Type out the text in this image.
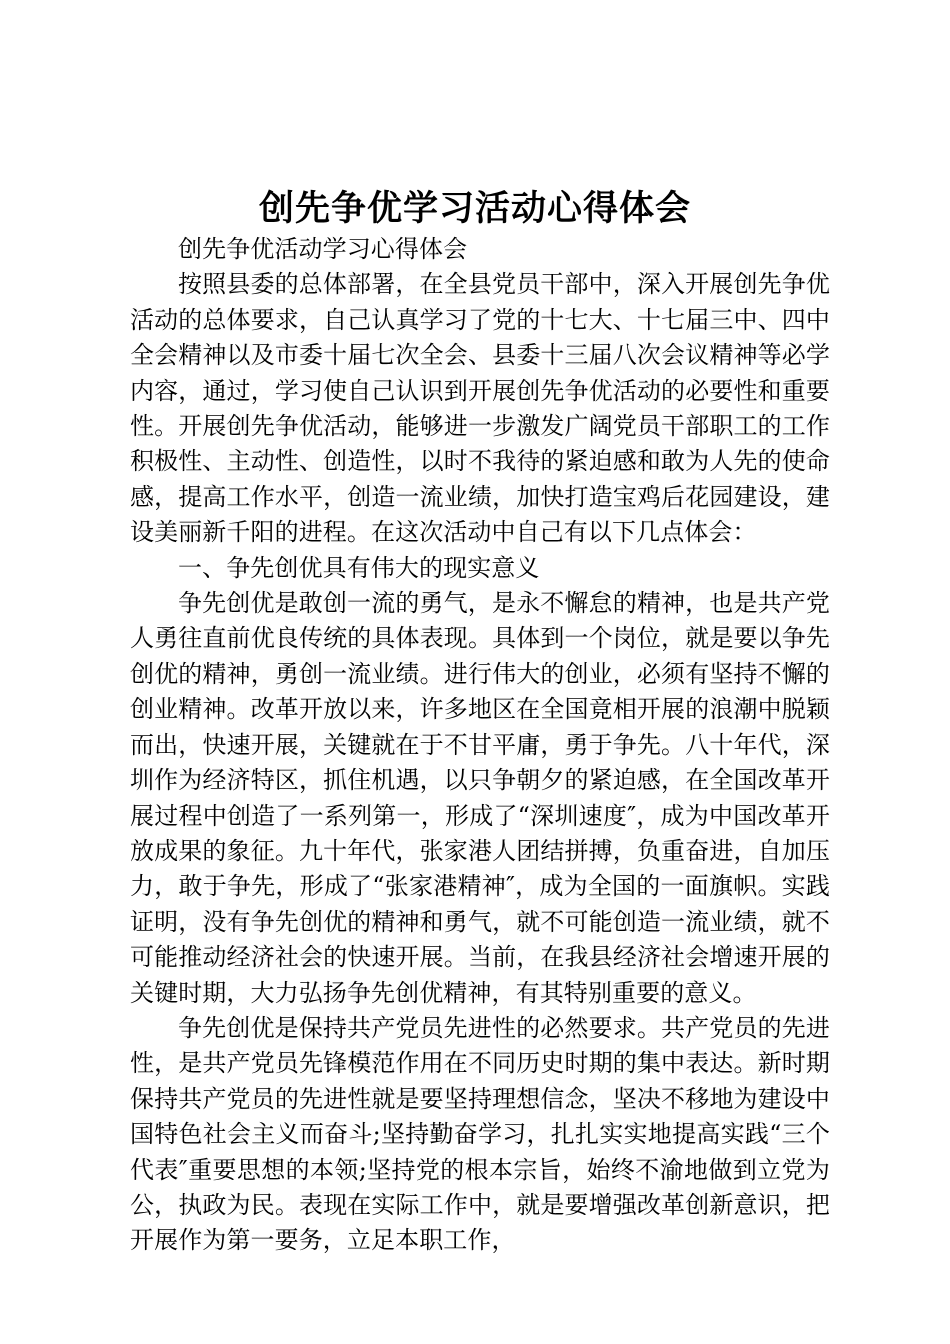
创先争优学习活动心得体会

创先争优活动学习心得体会

按照县委的总体部署，在全县党员干部中，深入开展创先争优活动的总体要求，自己认真学习了党的十七大、十七届三中、四中全会精神以及市委十届七次全会、县委十三届八次会议精神等必学内容，通过，学习使自己认识到开展创先争优活动的必要性和重要性。开展创先争优活动，能够进一步激发广阔党员干部职工的工作积极性、主动性、创造性，以时不我待的紧迫感和敢为人先的使命感，提高工作水平，创造一流业绩，加快打造宝鸡后花园建设，建设美丽新千阳的进程。在这次活动中自己有以下几点体会：

一、争先创优具有伟大的现实意义

争先创优是敢创一流的勇气，是永不懈怠的精神，也是共产党人勇往直前优良传统的具体表现。具体到一个岗位，就是要以争先创优的精神，勇创一流业绩。进行伟大的创业，必须有坚持不懈的创业精神。改革开放以来，许多地区在全国竟相开展的浪潮中脱颖而出，快速开展，关键就在于不甘平庸，勇于争先。八十年代，深圳作为经济特区，抓住机遇，以只争朝夕的紧迫感，在全国改革开展过程中创造了一系列第一，形成了“深圳速度″，成为中国改革开放成果的象征。九十年代，张家港人团结拼搏，负重奋进，自加压力，敢于争先，形成了“张家港精神″，成为全国的一面旗帜。实践证明，没有争先创优的精神和勇气，就不可能创造一流业绩，就不可能推动经济社会的快速开展。当前，在我县经济社会增速开展的关键时期，大力弘扬争先创优精神，有其特别重要的意义。

争先创优是保持共产党员先进性的必然要求。共产党员的先进性，是共产党员先锋模范作用在不同历史时期的集中表达。新时期保持共产党员的先进性就是要坚持理想信念，坚决不移地为建设中国特色社会主义而奋斗;坚持勤奋学习，扎扎实实地提高实践“三个代表″重要思想的本领;坚持党的根本宗旨，始终不渝地做到立党为公，执政为民。表现在实际工作中，就是要增强改革创新意识，把开展作为第一要务，立足本职工作，
